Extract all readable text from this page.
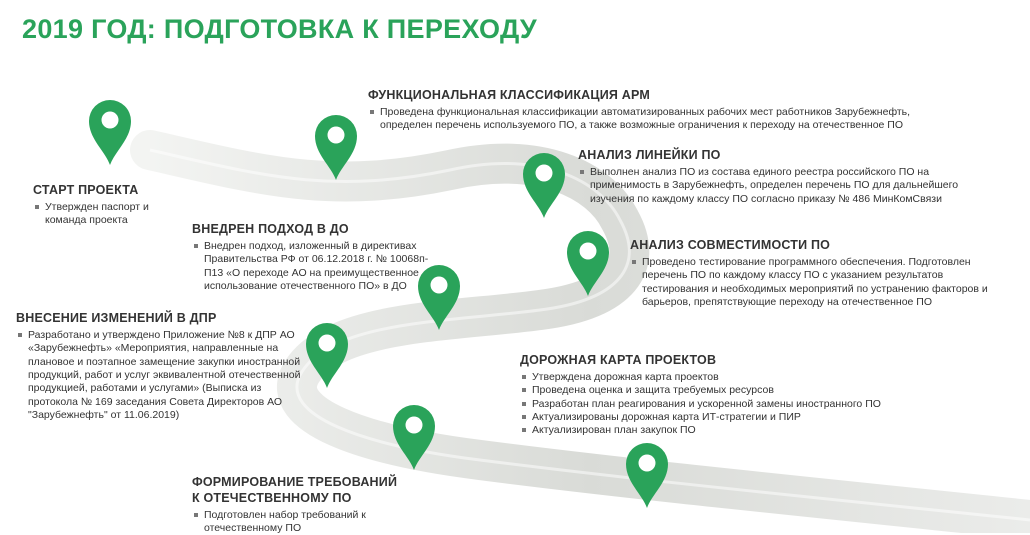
2019 ГОД: ПОДГОТОВКА К ПЕРЕХОДУ
СТАРТ ПРОЕКТА
Утвержден паспорт и команда проекта
ФУНКЦИОНАЛЬНАЯ КЛАССИФИКАЦИЯ АРМ
Проведена функциональная классификации автоматизированных рабочих мест работников Зарубежнефть, определен перечень используемого ПО, а также возможные ограничения к переходу на отечественное ПО
АНАЛИЗ ЛИНЕЙКИ ПО
Выполнен анализ ПО из состава единого реестра российского ПО на применимость в Зарубежнефть, определен перечень ПО для дальнейшего изучения по каждому классу ПО согласно приказу № 486 МинКомСвязи
ВНЕДРЕН ПОДХОД В ДО
Внедрен подход, изложенный в директивах Правительства РФ от 06.12.2018 г. № 10068п-П13 «О переходе АО на преимущественное использование отечественного ПО» в ДО
АНАЛИЗ СОВМЕСТИМОСТИ ПО
Проведено тестирование программного обеспечения. Подготовлен перечень ПО по каждому классу ПО с указанием результатов тестирования и необходимых мероприятий по устранению факторов и барьеров, препятствующие переходу на отечественное ПО
ВНЕСЕНИЕ ИЗМЕНЕНИЙ В ДПР
Разработано и утверждено Приложение №8 к ДПР АО «Зарубежнефть» «Мероприятия, направленные на плановое и поэтапное замещение закупки иностранной продукций, работ и услуг эквивалентной отечественной продукцией, работами и услугами» (Выписка из протокола № 169 заседания Совета Директоров АО "Зарубежнефть" от 11.06.2019)
ДОРОЖНАЯ КАРТА ПРОЕКТОВ
Утверждена дорожная карта проектов
Проведена оценка и защита требуемых ресурсов
Разработан план реагирования и ускоренной замены иностранного ПО
Актуализированы дорожная карта ИТ-стратегии и ПИР
Актуализирован план закупок ПО
ФОРМИРОВАНИЕ ТРЕБОВАНИЙ К ОТЕЧЕСТВЕННОМУ ПО
Подготовлен набор требований к отечественному ПО
